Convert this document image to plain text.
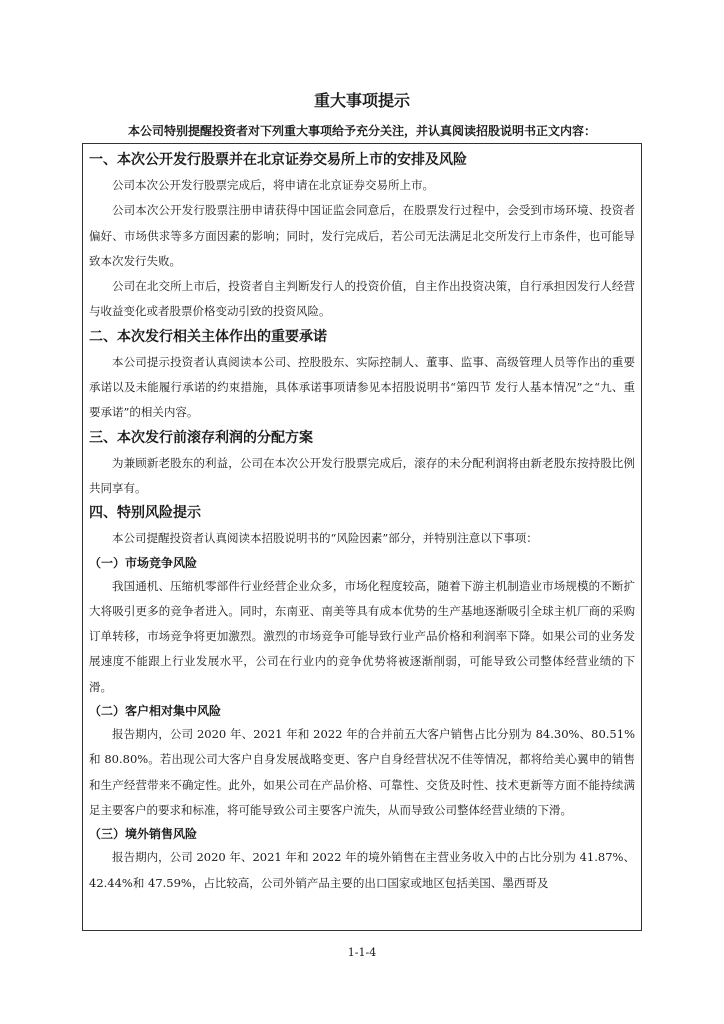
重大事项提示
本公司特别提醒投资者对下列重大事项给予充分关注，并认真阅读招股说明书正文内容：
一、本次公开发行股票并在北京证券交易所上市的安排及风险

公司本次公开发行股票完成后，将申请在北京证券交易所上市。

公司本次公开发行股票注册申请获得中国证监会同意后，在股票发行过程中，会受到市场环境、投资者偏好、市场供求等多方面因素的影响；同时，发行完成后，若公司无法满足北交所发行上市条件，也可能导致本次发行失败。

公司在北交所上市后，投资者自主判断发行人的投资价值，自主作出投资决策，自行承担因发行人经营与收益变化或者股票价格变动引致的投资风险。

二、本次发行相关主体作出的重要承诺

本公司提示投资者认真阅读本公司、控股股东、实际控制人、董事、监事、高级管理人员等作出的重要承诺以及未能履行承诺的约束措施，具体承诺事项请参见本招股说明书“第四节 发行人基本情况”之“九、重要承诺”的相关内容。

三、本次发行前滚存利润的分配方案

为兼顾新老股东的利益，公司在本次公开发行股票完成后，滚存的未分配利润将由新老股东按持股比例共同享有。

四、特别风险提示

本公司提醒投资者认真阅读本招股说明书的“风险因素”部分，并特别注意以下事项：

（一）市场竞争风险

我国通机、压缩机零部件行业经营企业众多，市场化程度较高，随着下游主机制造业市场规模的不断扩大将吸引更多的竞争者进入。同时，东南亚、南美等具有成本优势的生产基地逐渐吸引全球主机厂商的采购订单转移，市场竞争将更加激烈。激烈的市场竞争可能导致行业产品价格和利润率下降。如果公司的业务发展速度不能跟上行业发展水平，公司在行业内的竞争优势将被逐渐削弱，可能导致公司整体经营业绩的下滑。

（二）客户相对集中风险

报告期内，公司 2020 年、2021 年和 2022 年的合并前五大客户销售占比分别为 84.30%、80.51%和 80.80%。若出现公司大客户自身发展战略变更、客户自身经营状况不佳等情况，都将给美心翼申的销售和生产经营带来不确定性。此外，如果公司在产品价格、可靠性、交货及时性、技术更新等方面不能持续满足主要客户的要求和标准，将可能导致公司主要客户流失，从而导致公司整体经营业绩的下滑。

（三）境外销售风险

报告期内，公司 2020 年、2021 年和 2022 年的境外销售在主营业务收入中的占比分别为 41.87%、42.44%和 47.59%，占比较高，公司外销产品主要的出口国家或地区包括美国、墨西哥及

1-1-4
